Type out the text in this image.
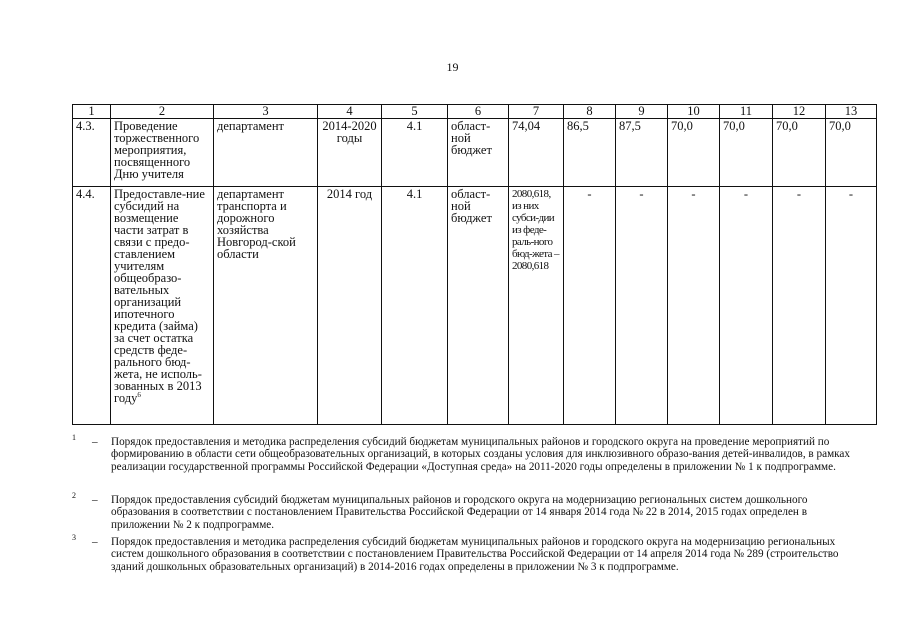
19
1	2	3	4	5	6	7	8	9	10	11	12	13
4.3.	Проведение торжественного мероприятия, посвященного Дню учителя	департамент	2014-2020 годы	4.1	област-ной бюджет	74,04	86,5	87,5	70,0	70,0	70,0	70,0
4.4.	Предоставле-ние субсидий на возмещение части затрат в связи с предо-ставлением учителям общеобразо-вательных организаций ипотечного кредита (займа) за счет остатка средств феде-рального бюд-жета, не исполь-зованных в 2013 году$^6$	департамент транспорта и дорожного хозяйства Новгород-ской области	2014 год	4.1	област-ной бюджет	2080,618, из них субси-дии из феде-раль-ного бюд-жета – 2080,618	-	-	-	-	-	-
1 – Порядок предоставления и методика распределения субсидий бюджетам муниципальных районов и городского округа на проведение мероприятий по формированию в области сети общеобразовательных организаций, в которых созданы условия для инклюзивного образо-вания детей-инвалидов, в рамках реализации государственной программы Российской Федерации «Доступная среда» на 2011-2020 годы определены в приложении № 1 к подпрограмме.
2 – Порядок предоставления субсидий бюджетам муниципальных районов и городского округа на модернизацию региональных систем дошкольного образования в соответствии с постановлением Правительства Российской Федерации от 14 января 2014 года № 22 в 2014, 2015 годах определен в приложении № 2 к подпрограмме.
3 – Порядок предоставления и методика распределения субсидий бюджетам муниципальных районов и городского округа на модернизацию региональных систем дошкольного образования в соответствии с постановлением Правительства Российской Федерации от 14 апреля 2014 года № 289 (строительство зданий дошкольных образовательных организаций) в 2014-2016 годах определены в приложении № 3 к подпрограмме.
